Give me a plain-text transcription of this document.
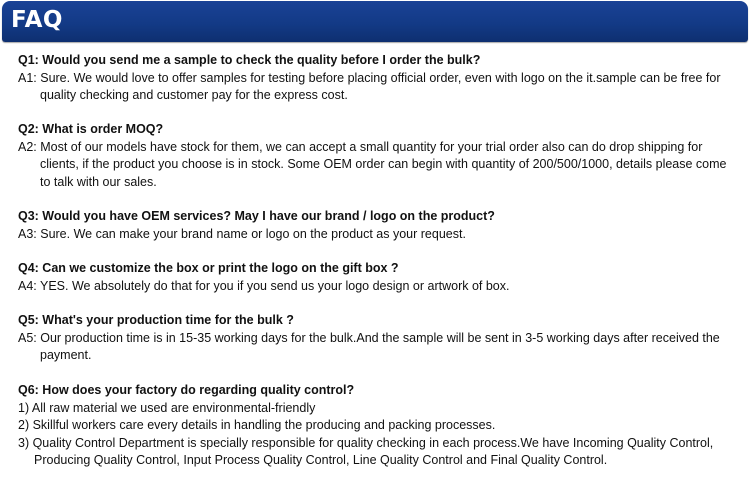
FAQ
Q1: Would you send me a sample to check the quality before I order the bulk?
A1: Sure. We would love to offer samples for testing before placing official order, even with logo on the it.sample can be free for quality checking and customer pay for the express cost.
Q2: What is order MOQ?
A2: Most of our models have stock for them, we can accept a small quantity for your trial order also can do drop shipping for clients, if the product you choose is in stock. Some OEM order can begin with quantity of 200/500/1000, details please come to talk with our sales.
Q3: Would you have OEM services? May I have our brand / logo on the product?
A3: Sure. We can make your brand name or logo on the product as your request.
Q4: Can we customize the box or print the logo on the gift box ?
A4: YES. We absolutely do that for you if you send us your logo design or artwork of box.
Q5: What's your production time for the bulk ?
A5: Our production time is in 15-35 working days for the bulk.And the sample will be sent in 3-5 working days after received the payment.
Q6: How does your factory do regarding quality control?
1) All raw material we used are environmental-friendly
2) Skillful workers care every details in handling the producing and packing processes.
3) Quality Control Department is specially responsible for quality checking in each process.We have Incoming Quality Control, Producing Quality Control, Input Process Quality Control, Line Quality Control and Final Quality Control.
